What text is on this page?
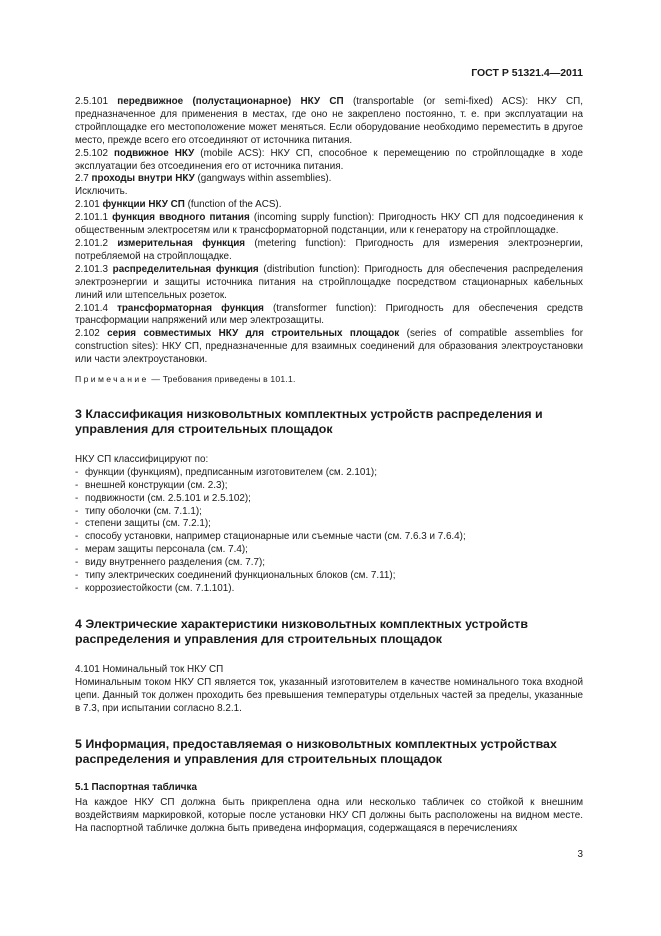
ГОСТ Р 51321.4—2011

2.5.101 передвижное (полустационарное) НКУ СП (transportable (or semi-fixed) ACS): НКУ СП, предназначенное для применения в местах, где оно не закреплено постоянно, т. е. при эксплуатации на стройплощадке его местоположение может меняться. Если оборудование необходимо переместить в другое место, прежде всего его отсоединяют от источника питания.

2.5.102 подвижное НКУ (mobile ACS): НКУ СП, способное к перемещению по стройплощадке в ходе эксплуатации без отсоединения его от источника питания.

2.7 проходы внутри НКУ (gangways within assemblies).

Исключить.

2.101 функции НКУ СП (function of the ACS).

2.101.1 функция вводного питания (incoming supply function): Пригодность НКУ СП для подсоединения к общественным электросетям или к трансформаторной подстанции, или к генератору на стройплощадке.

2.101.2 измерительная функция (metering function): Пригодность для измерения электроэнергии, потребляемой на стройплощадке.

2.101.3 распределительная функция (distribution function): Пригодность для обеспечения распределения электроэнергии и защиты источника питания на стройплощадке посредством стационарных кабельных линий или штепсельных розеток.

2.101.4 трансформаторная функция (transformer function): Пригодность для обеспечения средств трансформации напряжений или мер электрозащиты.

2.102 серия совместимых НКУ для строительных площадок (series of compatible assemblies for construction sites): НКУ СП, предназначенные для взаимных соединений для образования электроустановки или части электроустановки.

Примечание — Требования приведены в 101.1.

3 Классификация низковольтных комплектных устройств распределения и управления для строительных площадок

НКУ СП классифицируют по:

- функции (функциям), предписанным изготовителем (см. 2.101);
- внешней конструкции (см. 2.3);
- подвижности (см. 2.5.101 и 2.5.102);
- типу оболочки (см. 7.1.1);
- степени защиты (см. 7.2.1);
- способу установки, например стационарные или съемные части (см. 7.6.3 и 7.6.4);
- мерам защиты персонала (см. 7.4);
- виду внутреннего разделения (см. 7.7);
- типу электрических соединений функциональных блоков (см. 7.11);
- коррозиестойкости (см. 7.1.101).
4 Электрические характеристики низковольтных комплектных устройств распределения и управления для строительных площадок

4.101 Номинальный ток НКУ СП

Номинальным током НКУ СП является ток, указанный изготовителем в качестве номинального тока входной цепи. Данный ток должен проходить без превышения температуры отдельных частей за пределы, указанные в 7.3, при испытании согласно 8.2.1.

5 Информация, предоставляемая о низковольтных комплектных устройствах распределения и управления для строительных площадок
5.1 Паспортная табличка

На каждое НКУ СП должна быть прикреплена одна или несколько табличек со стойкой к внешним воздействиям маркировкой, которые после установки НКУ СП должны быть расположены на видном месте. На паспортной табличке должна быть приведена информация, содержащаяся в перечислениях

3
